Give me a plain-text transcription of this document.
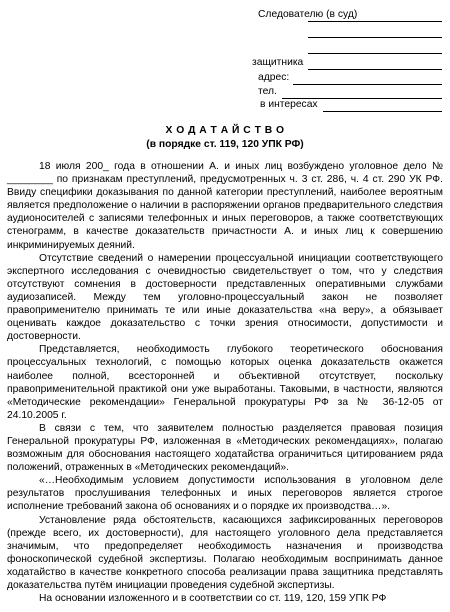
Следователю (в суд)
защитника
адрес:
тел.
в интересах
Х О Д А Т А Й С Т В О
(в порядке ст. 119, 120 УПК РФ)

18 июля 200_ года в отношении А. и иных лиц возбуждено уголовное дело № ________ по признакам преступлений, предусмотренных ч. 3 ст. 286, ч. 4 ст. 290 УК РФ. Ввиду специфики доказывания по данной категории преступлений, наиболее вероятным является предположение о наличии в распоряжении органов предварительного следствия аудионосителей с записями телефонных и иных переговоров, а также соответствующих стенограмм, в качестве доказательств причастности А. и иных лиц к совершению инкриминируемых деяний.

Отсутствие сведений о намерении процессуальной инициации соответствующего экспертного исследования с очевидностью свидетельствует о том, что у следствия отсутствуют сомнения в достоверности представленных оперативными службами аудиозаписей. Между тем уголовно-процессуальный закон не позволяет правоприменителю принимать те или иные доказательства «на веру», а обязывает оценивать каждое доказательство с точки зрения относимости, допустимости и достоверности.

Представляется, необходимость глубокого теоретического обоснования процессуальных технологий, с помощью которых оценка доказательств окажется наиболее полной, всесторонней и объективной отсутствует, поскольку правоприменительной практикой они уже выработаны. Таковыми, в частности, являются «Методические рекомендации» Генеральной прокуратуры РФ за № 36-12-05 от 24.10.2005 г.

В связи с тем, что заявителем полностью разделяется правовая позиция Генеральной прокуратуры РФ, изложенная в «Методических рекомендациях», полагаю возможным для обоснования настоящего ходатайства ограничиться цитированием ряда положений, отраженных в «Методических рекомендаций».

«…Необходимым условием допустимости использования в уголовном деле результатов прослушивания телефонных и иных переговоров является строгое исполнение требований закона об основаниях и о порядке их производства…».

Установление ряда обстоятельств, касающихся зафиксированных переговоров (прежде всего, их достоверности), для настоящего уголовного дела представляется значимым, что предопределяет необходимость назначения и производства фоноскопической судебной экспертизы. Полагаю необходимым воспринимать данное ходатайство в качестве конкретного способа реализации права защитника представлять доказательства путём инициации проведения судебной экспертизы.

На основании изложенного и в соответствии со ст. 119, 120, 159 УПК РФ
